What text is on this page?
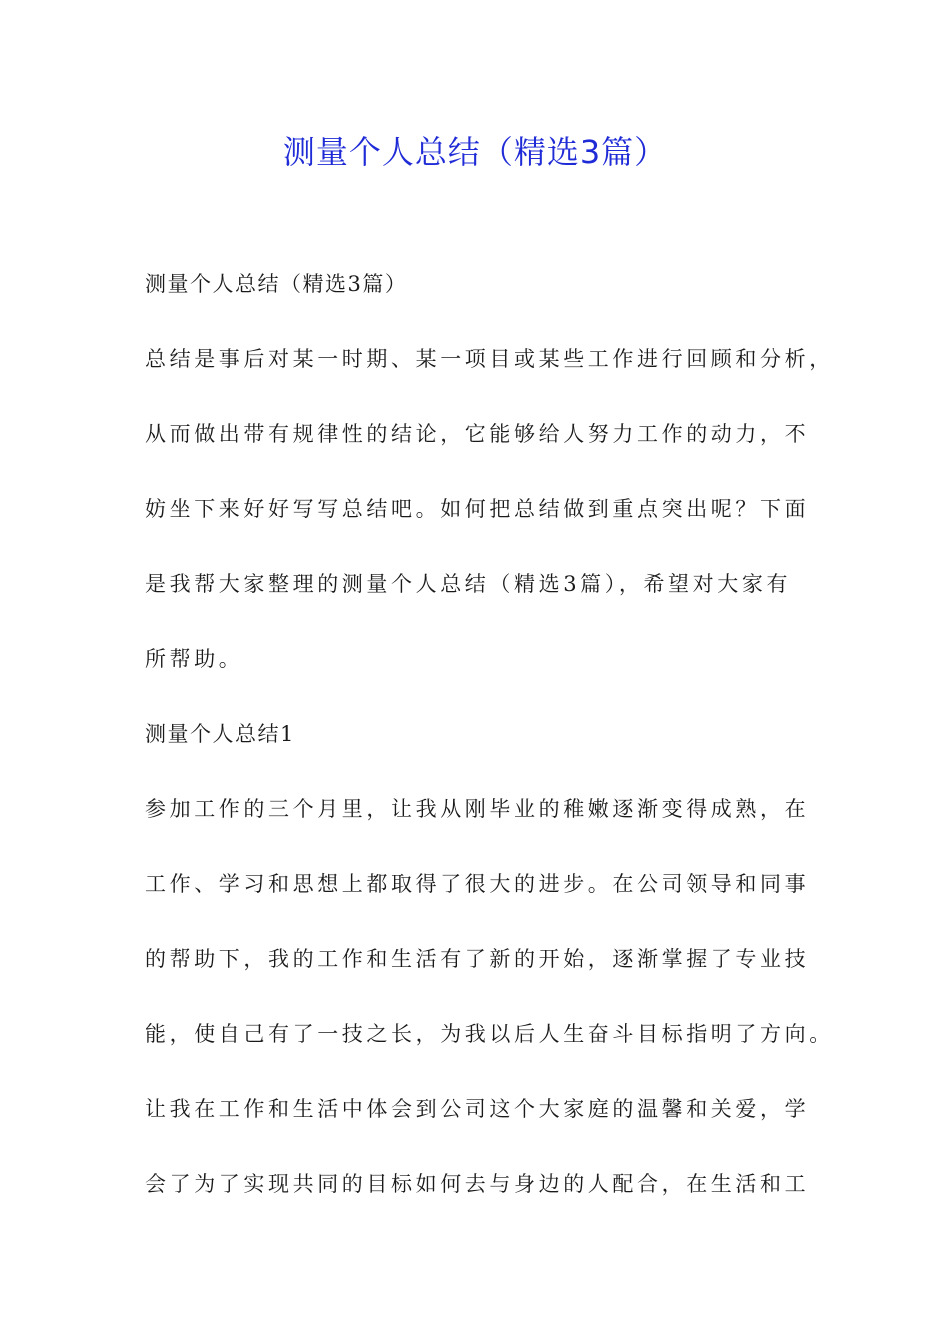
测量个人总结（精选3篇）
测量个人总结（精选3篇）
总结是事后对某一时期、某一项目或某些工作进行回顾和分析，
从而做出带有规律性的结论，它能够给人努力工作的动力，不
妨坐下来好好写写总结吧。如何把总结做到重点突出呢？下面
是我帮大家整理的测量个人总结（精选3篇），希望对大家有
所帮助。
测量个人总结1
参加工作的三个月里，让我从刚毕业的稚嫩逐渐变得成熟，在
工作、学习和思想上都取得了很大的进步。在公司领导和同事
的帮助下，我的工作和生活有了新的开始，逐渐掌握了专业技
能，使自己有了一技之长，为我以后人生奋斗目标指明了方向。
让我在工作和生活中体会到公司这个大家庭的温馨和关爱，学
会了为了实现共同的目标如何去与身边的人配合，在生活和工
